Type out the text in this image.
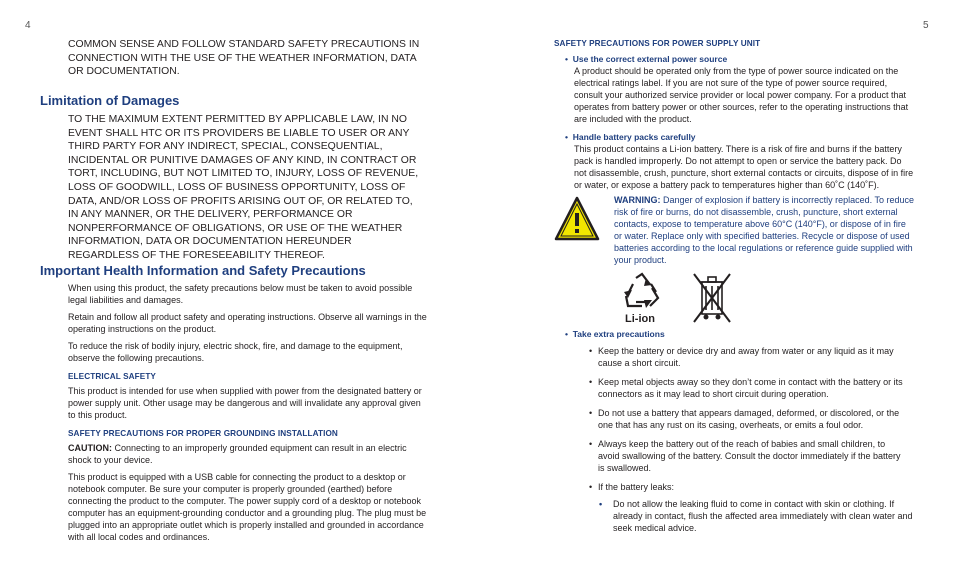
4
COMMON SENSE AND FOLLOW STANDARD SAFETY PRECAUTIONS IN CONNECTION WITH THE USE OF THE WEATHER INFORMATION, DATA OR DOCUMENTATION.
Limitation of Damages
TO THE MAXIMUM EXTENT PERMITTED BY APPLICABLE LAW, IN NO EVENT SHALL HTC OR ITS PROVIDERS BE LIABLE TO USER OR ANY THIRD PARTY FOR ANY INDIRECT, SPECIAL, CONSEQUENTIAL, INCIDENTAL OR PUNITIVE DAMAGES OF ANY KIND, IN CONTRACT OR TORT, INCLUDING, BUT NOT LIMITED TO, INJURY, LOSS OF REVENUE, LOSS OF GOODWILL, LOSS OF BUSINESS OPPORTUNITY, LOSS OF DATA, AND/OR LOSS OF PROFITS ARISING OUT OF, OR RELATED TO, IN ANY MANNER, OR THE DELIVERY, PERFORMANCE OR NONPERFORMANCE OF OBLIGATIONS, OR USE OF THE WEATHER INFORMATION, DATA OR DOCUMENTATION HEREUNDER REGARDLESS OF THE FORESEEABILITY THEREOF.
Important Health Information and Safety Precautions

When using this product, the safety precautions below must be taken to avoid possible legal liabilities and damages.

Retain and follow all product safety and operating instructions. Observe all warnings in the operating instructions on the product.

To reduce the risk of bodily injury, electric shock, fire, and damage to the equipment, observe the following precautions.

ELECTRICAL SAFETY

This product is intended for use when supplied with power from the designated battery or power supply unit. Other usage may be dangerous and will invalidate any approval given to this product.

SAFETY PRECAUTIONS FOR PROPER GROUNDING INSTALLATION

CAUTION: Connecting to an improperly grounded equipment can result in an electric shock to your device.

This product is equipped with a USB cable for connecting the product to a desktop or notebook computer. Be sure your computer is properly grounded (earthed) before connecting the product to the computer. The power supply cord of a desktop or notebook computer has an equipment-grounding conductor and a grounding plug. The plug must be plugged into an appropriate outlet which is properly installed and grounded in accordance with all local codes and ordinances.

5
SAFETY PRECAUTIONS FOR POWER SUPPLY UNIT
•  Use the correct external power source

A product should be operated only from the type of power source indicated on the electrical ratings label. If you are not sure of the type of power source required, consult your authorized service provider or local power company. For a product that operates from battery power or other sources, refer to the operating instructions that are included with the product.

•  Handle battery packs carefully

This product contains a Li-ion battery. There is a risk of fire and burns if the battery pack is handled improperly. Do not attempt to open or service the battery pack. Do not disassemble, crush, puncture, short external contacts or circuits, dispose of in fire or water, or expose a battery pack to temperatures higher than 60˚C (140˚F).

WARNING: Danger of explosion if battery is incorrectly replaced. To reduce risk of fire or burns, do not disassemble, crush, puncture, short external contacts, expose to temperature above 60°C (140°F), or dispose of in fire or water. Replace only with specified batteries. Recycle or dispose of used batteries according to the local regulations or reference guide supplied with your product.
Li-ion
•  Take extra precautions
• Keep the battery or device dry and away from water or any liquid as it may cause a short circuit.
• Keep metal objects away so they don’t come in contact with the battery or its connectors as it may lead to short circuit during operation.
• Do not use a battery that appears damaged, deformed, or discolored, or the one that has any rust on its casing, overheats, or emits a foul odor.
• Always keep the battery out of the reach of babies and small children, to avoid swallowing of the battery. Consult the doctor immediately if the battery is swallowed.
• If the battery leaks:
• Do not allow the leaking fluid to come in contact with skin or clothing. If already in contact, flush the affected area immediately with clean water and seek medical advice.
